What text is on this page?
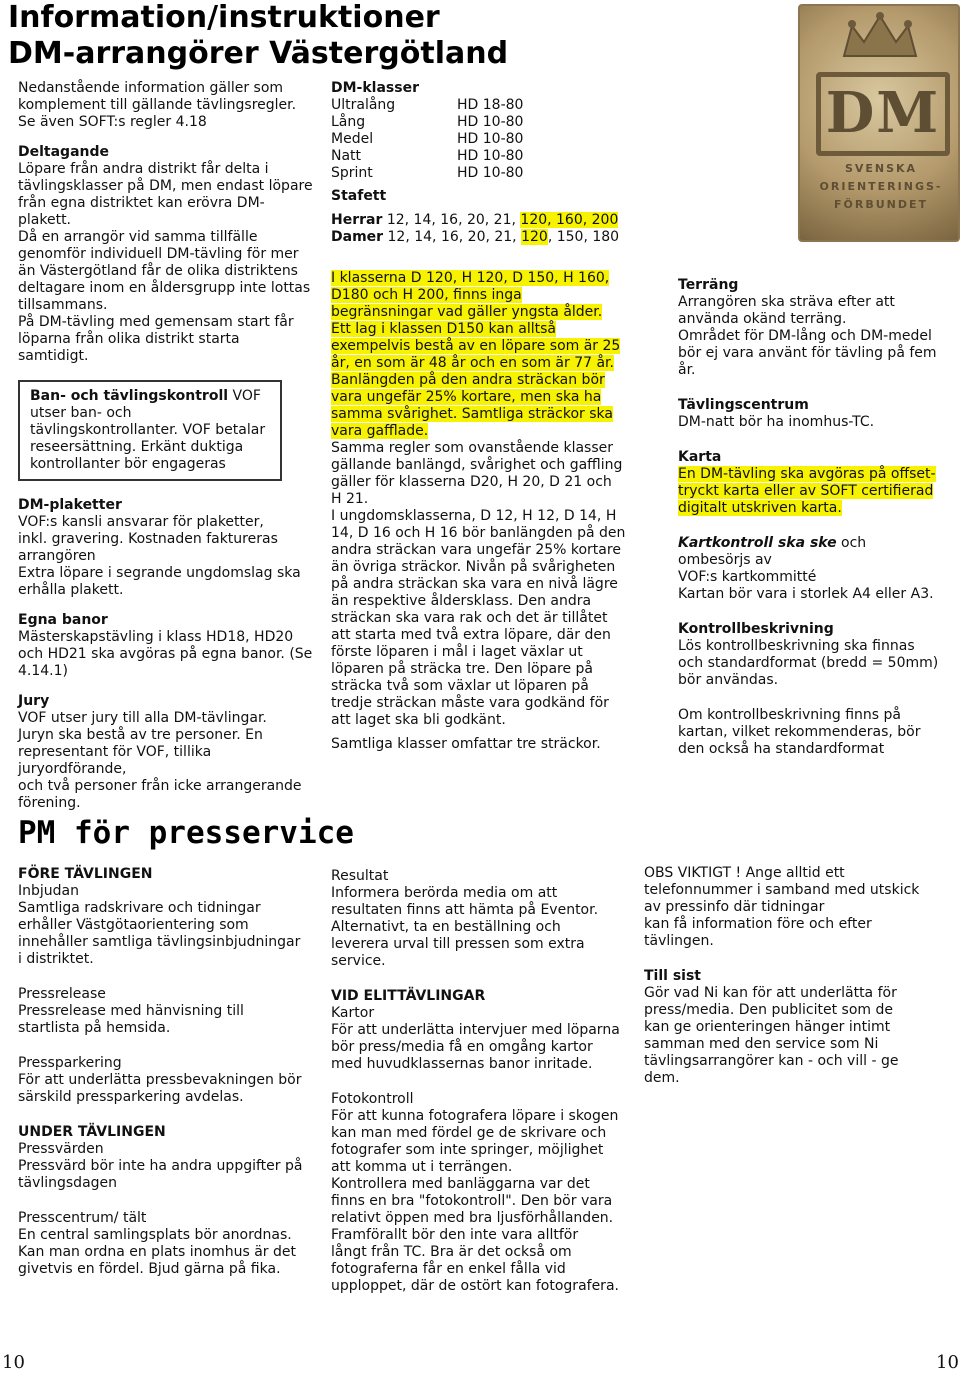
Information/instruktioner
DM-arrangörer Västergötland
Nedanstående information gäller som
komplement till gällande tävlingsregler.
Se även SOFT:s regler 4.18
Deltagande
Löpare från andra distrikt får delta i
tävlingsklasser på DM, men endast löpare
från egna distriktet kan erövra DM-
plakett.
Då en arrangör vid samma tillfälle
genomför individuell DM-tävling för mer
än Västergötland får de olika distriktens
deltagare inom en åldersgrupp inte lottas
tillsammans.
På DM-tävling med gemensam start får
löparna från olika distrikt starta
samtidigt.
Ban- och tävlingskontroll VOF
utser ban- och
tävlingskontrollanter. VOF betalar
reseersättning. Erkänt duktiga
kontrollanter bör engageras
DM-plaketter
VOF:s kansli ansvarar för plaketter,
inkl. gravering. Kostnaden faktureras
arrangören
Extra löpare i segrande ungdomslag ska
erhålla plakett.
Egna banor
Mästerskapstävling i klass HD18, HD20
och HD21 ska avgöras på egna banor. (Se
4.14.1)
Jury
VOF utser jury till alla DM-tävlingar.
Juryn ska bestå av tre personer. En
representant för VOF, tillika juryordförande,
och två personer från icke arrangerande
förening.
DM-klasser
Ultralång	HD 18-80
Lång	HD 10-80
Medel	HD 10-80
Natt	HD 10-80
Sprint	HD 10-80
Stafett
Herrar 12, 14, 16, 20, 21, 120, 160, 200
Damer 12, 14, 16, 20, 21, 120, 150, 180
I klasserna D 120, H 120, D 150, H 160,
D180 och H 200, finns inga
begränsningar vad gäller yngsta ålder.
Ett lag i klassen D150 kan alltså
exempelvis bestå av en löpare som är 25
år, en som är 48 år och en som är 77 år.
Banlängden på den andra sträckan bör
vara ungefär 25% kortare, men ska ha
samma svårighet. Samtliga sträckor ska
vara gafflade.
Samma regler som ovanstående klasser
gällande banlängd, svårighet och gaffling
gäller för klasserna D20, H 20, D 21 och
H 21.
I ungdomsklasserna, D 12, H 12, D 14, H
14, D 16 och H 16 bör banlängden på den
andra sträckan vara ungefär 25% kortare
än övriga sträckor. Nivån på svårigheten
på andra sträckan ska vara en nivå lägre
än respektive åldersklass. Den andra
sträckan ska vara rak och det är tillåtet
att starta med två extra löpare, där den
förste löparen i mål i laget växlar ut
löparen på sträcka tre. Den löpare på
sträcka två som växlar ut löparen på
tredje sträckan måste vara godkänd för
att laget ska bli godkänt.
Samtliga klasser omfattar tre sträckor.
DM
SVENSKA
ORIENTERINGS-
FÖRBUNDET
Terräng
Arrangören ska sträva efter att
använda okänd terräng.
Området för DM-lång och DM-medel
bör ej vara använt för tävling på fem
år.
Tävlingscentrum
DM-natt bör ha inomhus-TC.
Karta
En DM-tävling ska avgöras på offset-
tryckt karta eller av SOFT certifierad
digitalt utskriven karta.
Kartkontroll ska ske och
ombesörjs av
VOF:s kartkommitté
Kartan bör vara i storlek A4 eller A3.
Kontrollbeskrivning
Lös kontrollbeskrivning ska finnas
och standardformat (bredd = 50mm)
bör användas.
Om kontrollbeskrivning finns på
kartan, vilket rekommenderas, bör
den också ha standardformat
PM för presservice
FÖRE TÄVLINGEN
Inbjudan
Samtliga radskrivare och tidningar
erhåller Västgötaorientering som
innehåller samtliga tävlingsinbjudningar
i distriktet.
Pressrelease
Pressrelease med hänvisning till
startlista på hemsida.
Pressparkering
För att underlätta pressbevakningen bör
särskild pressparkering avdelas.
UNDER TÄVLINGEN
Pressvärden
Pressvärd bör inte ha andra uppgifter på
tävlingsdagen
Presscentrum/ tält
En central samlingsplats bör anordnas.
Kan man ordna en plats inomhus är det
givetvis en fördel. Bjud gärna på fika.
Resultat
Informera berörda media om att
resultaten finns att hämta på Eventor.
Alternativt, ta en beställning och
leverera urval till pressen som extra
service.
VID ELITTÄVLINGAR
Kartor
För att underlätta intervjuer med löparna
bör press/media få en omgång kartor
med huvudklassernas banor inritade.
Fotokontroll
För att kunna fotografera löpare i skogen
kan man med fördel ge de skrivare och
fotografer som inte springer, möjlighet
att komma ut i terrängen.
Kontrollera med banläggarna var det
finns en bra "fotokontroll". Den bör vara
relativt öppen med bra ljusförhållanden.
Framförallt bör den inte vara alltför
långt från TC. Bra är det också om
fotograferna får en enkel fålla vid
upploppet, där de ostört kan fotografera.
OBS VIKTIGT ! Ange alltid ett
telefonnummer i samband med utskick
av pressinfo där tidningar
kan få information före och efter
tävlingen.
Till sist
Gör vad Ni kan för att underlätta för
press/media. Den publicitet som de
kan ge orienteringen hänger intimt
samman med den service som Ni
tävlingsarrangörer kan - och vill - ge
dem.
10	10
